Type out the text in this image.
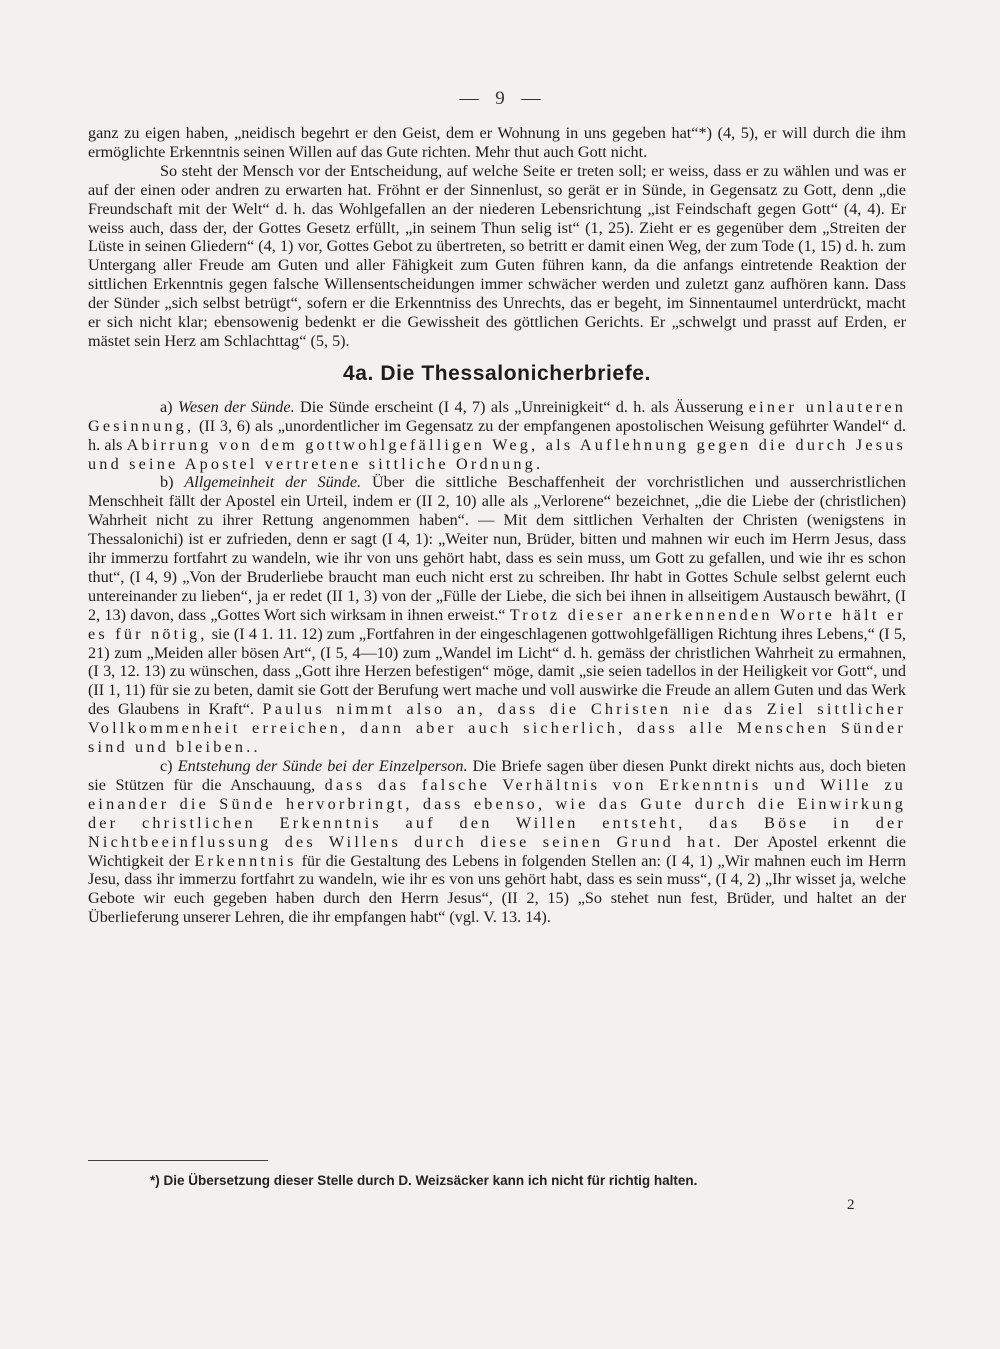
— 9 —

ganz zu eigen haben, „neidisch begehrt er den Geist, dem er Wohnung in uns gegeben hat“*) (4, 5), er will durch die ihm ermöglichte Erkenntnis seinen Willen auf das Gute richten. Mehr thut auch Gott nicht.

So steht der Mensch vor der Entscheidung, auf welche Seite er treten soll; er weiss, dass er zu wählen und was er auf der einen oder andren zu erwarten hat. Fröhnt er der Sinnenlust, so gerät er in Sünde, in Gegensatz zu Gott, denn „die Freundschaft mit der Welt“ d. h. das Wohlgefallen an der niederen Lebensrichtung „ist Feindschaft gegen Gott“ (4, 4). Er weiss auch, dass der, der Gottes Gesetz erfüllt, „in seinem Thun selig ist“ (1, 25). Zieht er es gegenüber dem „Streiten der Lüste in seinen Gliedern“ (4, 1) vor, Gottes Gebot zu übertreten, so betritt er damit einen Weg, der zum Tode (1, 15) d. h. zum Untergang aller Freude am Guten und aller Fähigkeit zum Guten führen kann, da die anfangs eintretende Reaktion der sittlichen Erkenntnis gegen falsche Willensentscheidungen immer schwächer werden und zuletzt ganz aufhören kann. Dass der Sünder „sich selbst betrügt“, sofern er die Erkenntniss des Unrechts, das er begeht, im Sinnentaumel unterdrückt, macht er sich nicht klar; ebensowenig bedenkt er die Gewissheit des göttlichen Gerichts. Er „schwelgt und prasst auf Erden, er mästet sein Herz am Schlachttag“ (5, 5).

4a. Die Thessalonicherbriefe.

a) Wesen der Sünde. Die Sünde erscheint (I 4, 7) als „Unreinigkeit“ d. h. als Äusserung einer unlauteren Gesinnung, (II 3, 6) als „unordentlicher im Gegensatz zu der empfangenen apostolischen Weisung geführter Wandel“ d. h. als Abirrung von dem gottwohlgefälligen Weg, als Auflehnung gegen die durch Jesus und seine Apostel vertretene sittliche Ordnung.

b) Allgemeinheit der Sünde. Über die sittliche Beschaffenheit der vorchristlichen und ausserchristlichen Menschheit fällt der Apostel ein Urteil, indem er (II 2, 10) alle als „Verlorene“ bezeichnet, „die die Liebe der (christlichen) Wahrheit nicht zu ihrer Rettung angenommen haben“. — Mit dem sittlichen Verhalten der Christen (wenigstens in Thessalonichi) ist er zufrieden, denn er sagt (I 4, 1): „Weiter nun, Brüder, bitten und mahnen wir euch im Herrn Jesus, dass ihr immerzu fortfahrt zu wandeln, wie ihr von uns gehört habt, dass es sein muss, um Gott zu gefallen, und wie ihr es schon thut“, (I 4, 9) „Von der Bruderliebe braucht man euch nicht erst zu schreiben. Ihr habt in Gottes Schule selbst gelernt euch untereinander zu lieben“, ja er redet (II 1, 3) von der „Fülle der Liebe, die sich bei ihnen in allseitigem Austausch bewährt, (I 2, 13) davon, dass „Gottes Wort sich wirksam in ihnen erweist.“ Trotz dieser anerkennenden Worte hält er es für nötig, sie (I 4 1. 11. 12) zum „Fortfahren in der eingeschlagenen gottwohlgefälligen Richtung ihres Lebens,“ (I 5, 21) zum „Meiden aller bösen Art“, (I 5, 4—10) zum „Wandel im Licht“ d. h. gemäss der christlichen Wahrheit zu ermahnen, (I 3, 12. 13) zu wünschen, dass „Gott ihre Herzen befestigen“ möge, damit „sie seien tadellos in der Heiligkeit vor Gott“, und (II 1, 11) für sie zu beten, damit sie Gott der Berufung wert mache und voll auswirke die Freude an allem Guten und das Werk des Glaubens in Kraft“. Paulus nimmt also an, dass die Christen nie das Ziel sittlicher Vollkommenheit erreichen, dann aber auch sicherlich, dass alle Menschen Sünder sind und bleiben..

c) Entstehung der Sünde bei der Einzelperson. Die Briefe sagen über diesen Punkt direkt nichts aus, doch bieten sie Stützen für die Anschauung, dass das falsche Verhältnis von Erkenntnis und Wille zu einander die Sünde hervorbringt, dass ebenso, wie das Gute durch die Einwirkung der christlichen Erkenntnis auf den Willen entsteht, das Böse in der Nichtbeeinflussung des Willens durch diese seinen Grund hat. Der Apostel erkennt die Wichtigkeit der Erkenntnis für die Gestaltung des Lebens in folgenden Stellen an: (I 4, 1) „Wir mahnen euch im Herrn Jesu, dass ihr immerzu fortfahrt zu wandeln, wie ihr es von uns gehört habt, dass es sein muss“, (I 4, 2) „Ihr wisset ja, welche Gebote wir euch gegeben haben durch den Herrn Jesus“, (II 2, 15) „So stehet nun fest, Brüder, und haltet an der Überlieferung unserer Lehren, die ihr empfangen habt“ (vgl. V. 13. 14).

*) Die Übersetzung dieser Stelle durch D. Weizsäcker kann ich nicht für richtig halten.
2
